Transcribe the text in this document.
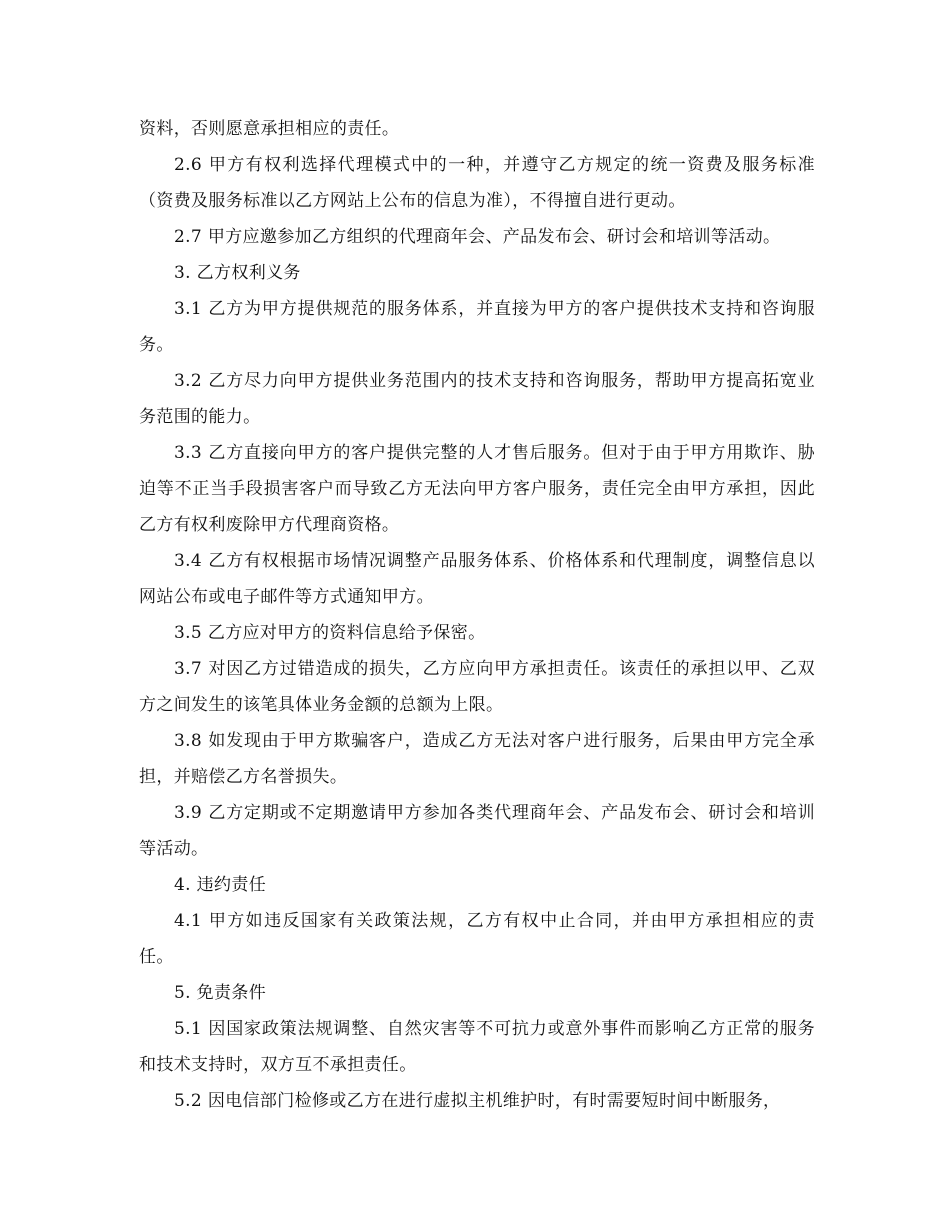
资料，否则愿意承担相应的责任。

2.6 甲方有权利选择代理模式中的一种，并遵守乙方规定的统一资费及服务标准（资费及服务标准以乙方网站上公布的信息为准），不得擅自进行更动。

2.7 甲方应邀参加乙方组织的代理商年会、产品发布会、研讨会和培训等活动。

3. 乙方权利义务

3.1 乙方为甲方提供规范的服务体系，并直接为甲方的客户提供技术支持和咨询服务。

3.2 乙方尽力向甲方提供业务范围内的技术支持和咨询服务，帮助甲方提高拓宽业务范围的能力。

3.3 乙方直接向甲方的客户提供完整的人才售后服务。但对于由于甲方用欺诈、胁迫等不正当手段损害客户而导致乙方无法向甲方客户服务，责任完全由甲方承担，因此乙方有权利废除甲方代理商资格。

3.4 乙方有权根据市场情况调整产品服务体系、价格体系和代理制度，调整信息以网站公布或电子邮件等方式通知甲方。

3.5 乙方应对甲方的资料信息给予保密。

3.7 对因乙方过错造成的损失，乙方应向甲方承担责任。该责任的承担以甲、乙双方之间发生的该笔具体业务金额的总额为上限。

3.8 如发现由于甲方欺骗客户，造成乙方无法对客户进行服务，后果由甲方完全承担，并赔偿乙方名誉损失。

3.9 乙方定期或不定期邀请甲方参加各类代理商年会、产品发布会、研讨会和培训等活动。

4. 违约责任

4.1 甲方如违反国家有关政策法规，乙方有权中止合同，并由甲方承担相应的责任。

5. 免责条件

5.1 因国家政策法规调整、自然灾害等不可抗力或意外事件而影响乙方正常的服务和技术支持时，双方互不承担责任。

5.2 因电信部门检修或乙方在进行虚拟主机维护时，有时需要短时间中断服务，
